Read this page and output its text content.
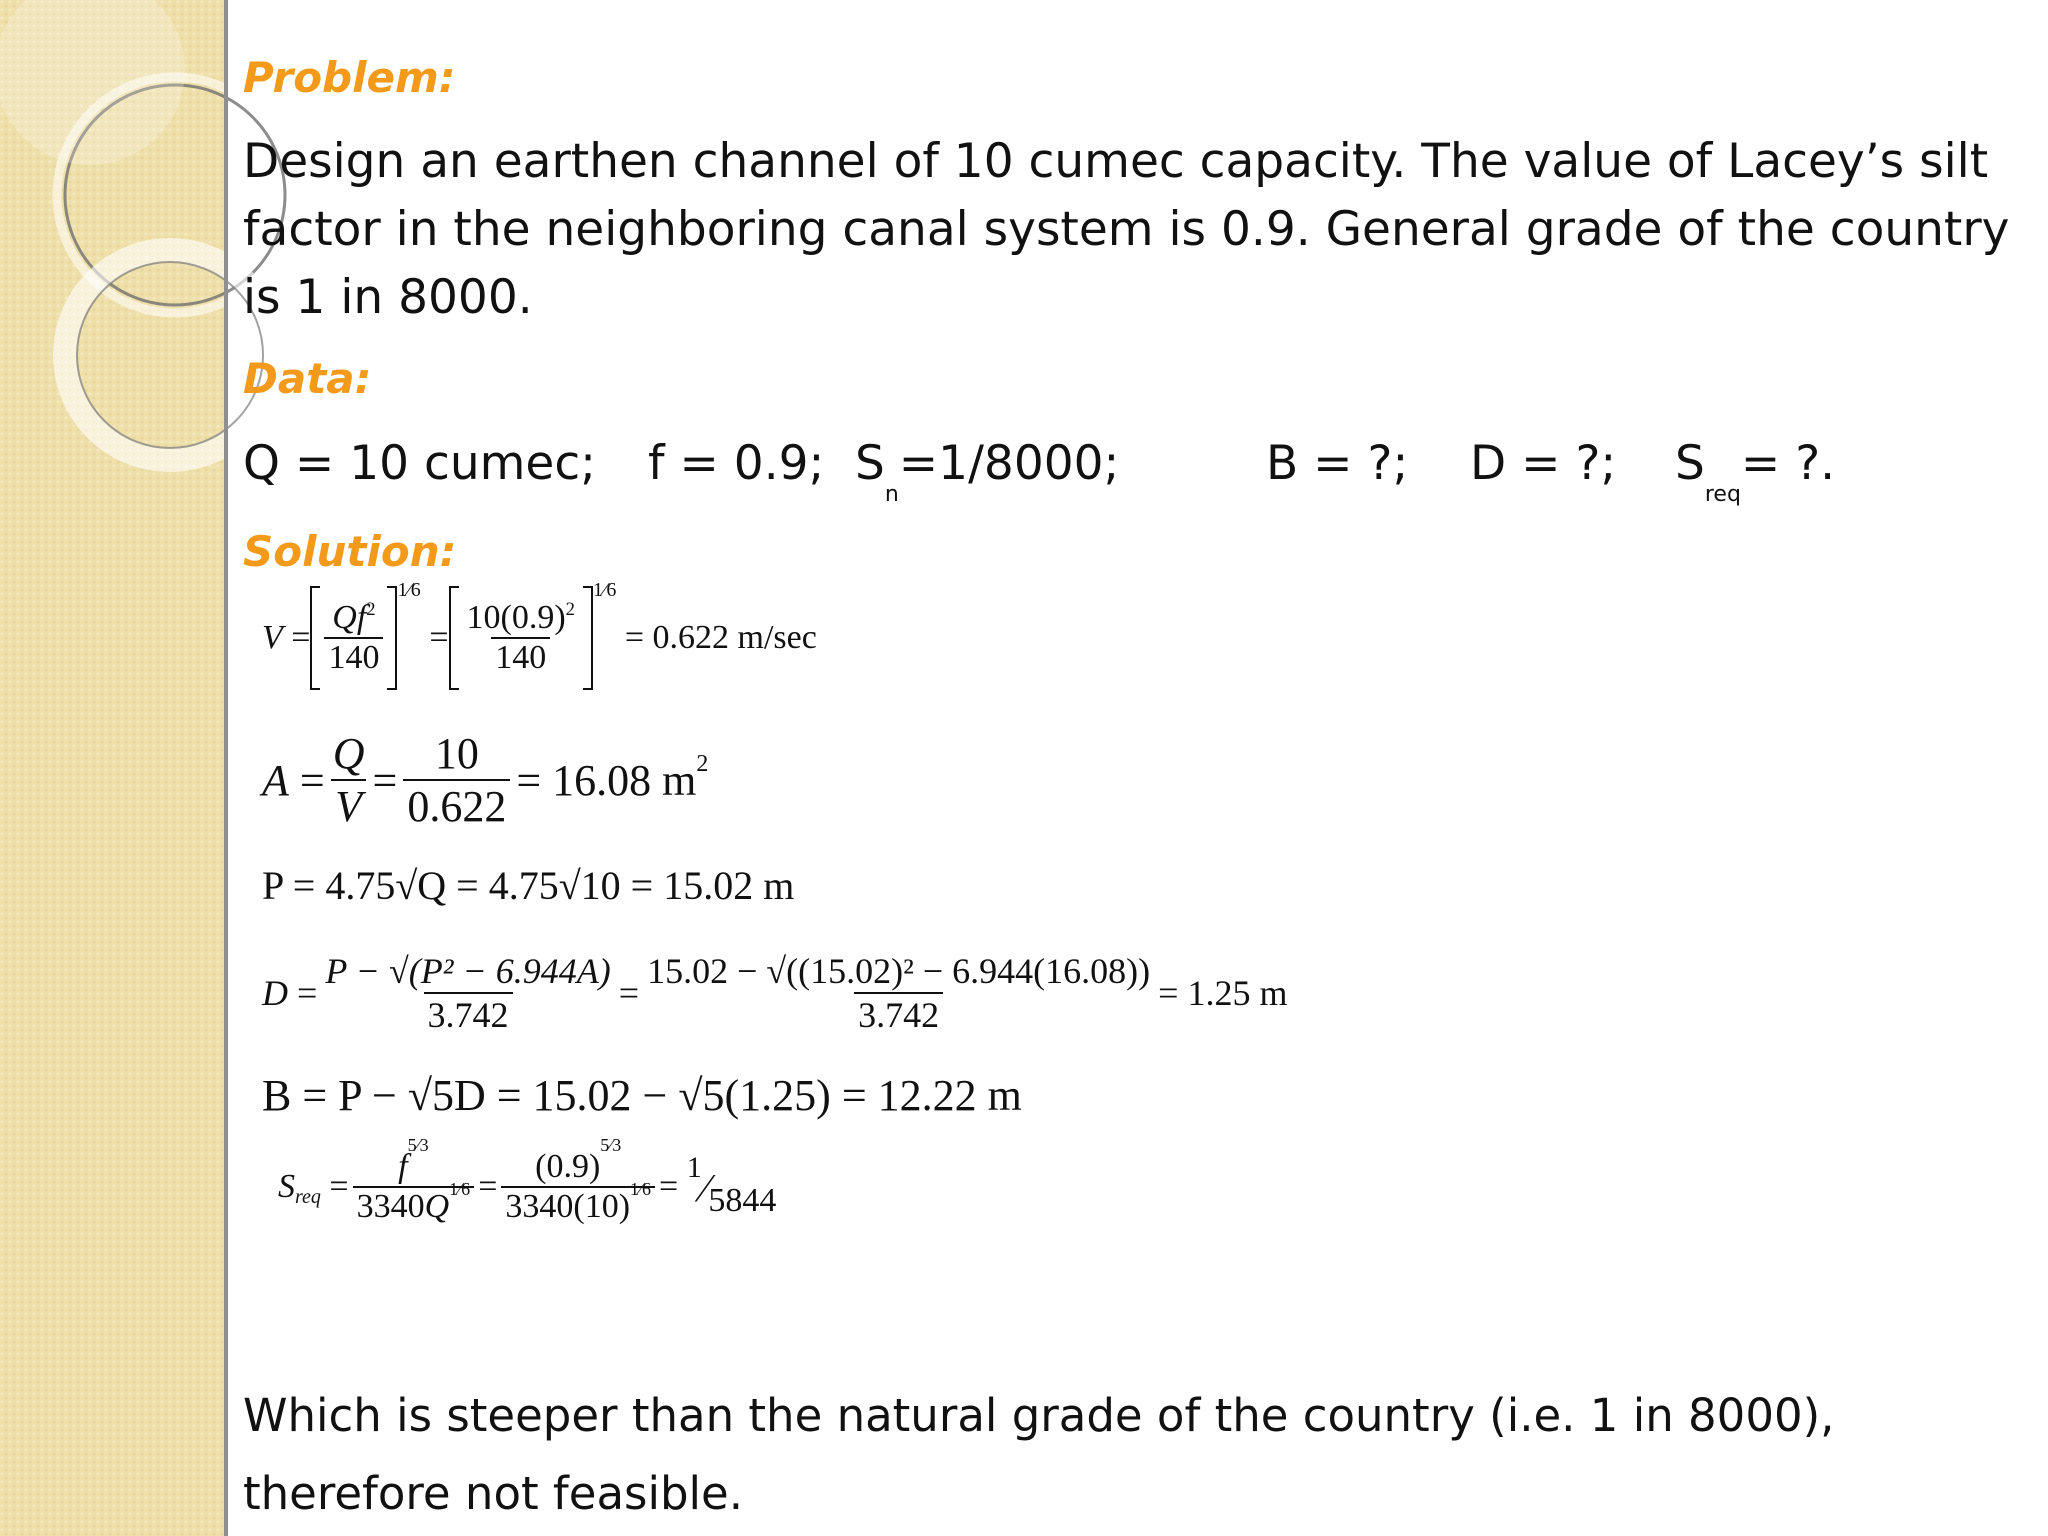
Problem:
Design an earthen channel of 10 cumec capacity. The value of Lacey’s silt factor in the neighboring canal system is 0.9. General grade of the country is 1 in 8000.
Data:
Q = 10 cumec; f = 0.9; $S_n=1/8000$;	B = ?; D = ?; $S_{req}=$ ?.
Solution:
$V = \frac{Qf^2}{140}$
$^{1⁄6}$
= $\frac{10(0.9)^2}{140}$
$^{1⁄6}$

= 0.622 m/sec
$A = \frac{Q}{V} = \frac{10}{0.622} = 16.08$ $m^2$
P = 4.75√Q = 4.75√10 = 15.02 m
$D = \frac{\text{P − √(P² − 6.944A)}}{3.742} = \frac{\text{15.02 − √((15.02)² − 6.944(16.08))}}{3.742} = 1.25$ m
B = P − √5D = 15.02 − √5(1.25) = 12.22 m
S req = $\frac{f^{5⁄3}}{3340Q^{1⁄6}} = \frac{(0.9)^{5⁄3}}{3340(10)^{1⁄6}}$ =
$^1$⁄5844
Which is steeper than the natural grade of the country (i.e. 1 in 8000),
therefore not feasible.
